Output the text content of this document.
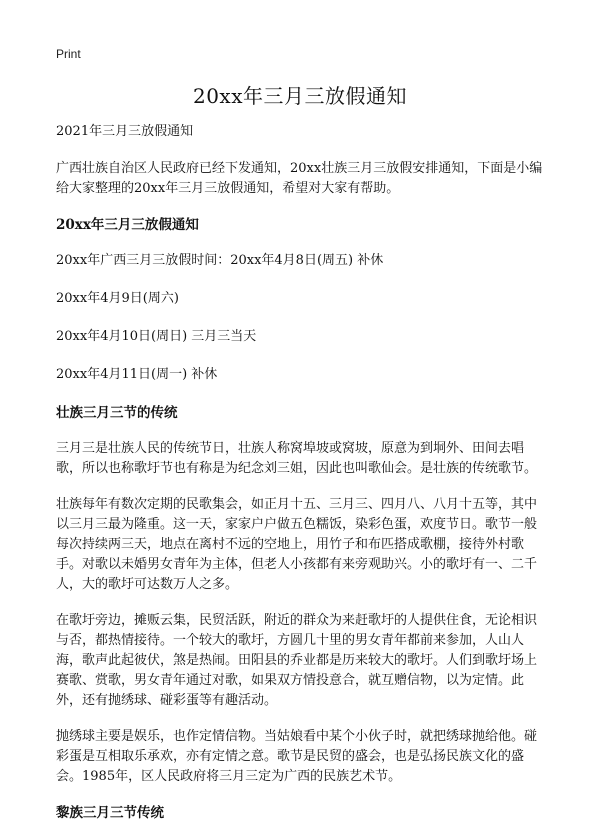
Print
20xx年三月三放假通知

2021年三月三放假通知

广西壮族自治区人民政府已经下发通知，20xx壮族三月三放假安排通知，下面是小编给大家整理的20xx年三月三放假通知，希望对大家有帮助。

20xx年三月三放假通知

20xx年广西三月三放假时间：20xx年4月8日(周五) 补休

20xx年4月9日(周六)

20xx年4月10日(周日) 三月三当天

20xx年4月11日(周一) 补休

壮族三月三节的传统

三月三是壮族人民的传统节日，壮族人称窝埠坡或窝坡，原意为到垌外、田间去唱歌，所以也称歌圩节也有称是为纪念刘三姐，因此也叫歌仙会。是壮族的传统歌节。

壮族每年有数次定期的民歌集会，如正月十五、三月三、四月八、八月十五等，其中以三月三最为隆重。这一天，家家户户做五色糯饭，染彩色蛋，欢度节日。歌节一般每次持续两三天，地点在离村不远的空地上，用竹子和布匹搭成歌棚，接待外村歌手。对歌以未婚男女青年为主体，但老人小孩都有来旁观助兴。小的歌圩有一、二千人，大的歌圩可达数万人之多。

在歌圩旁边，摊贩云集，民贸活跃，附近的群众为来赶歌圩的人提供住食，无论相识与否，都热情接待。一个较大的歌圩，方圆几十里的男女青年都前来参加，人山人海，歌声此起彼伏，煞是热闹。田阳县的乔业都是历来较大的歌圩。人们到歌圩场上赛歌、赏歌，男女青年通过对歌，如果双方情投意合，就互赠信物，以为定情。此外，还有抛绣球、碰彩蛋等有趣活动。

抛绣球主要是娱乐，也作定情信物。当姑娘看中某个小伙子时，就把绣球抛给他。碰彩蛋是互相取乐承欢，亦有定情之意。歌节是民贸的盛会，也是弘扬民族文化的盛会。1985年，区人民政府将三月三定为广西的民族艺术节。

黎族三月三节传统
